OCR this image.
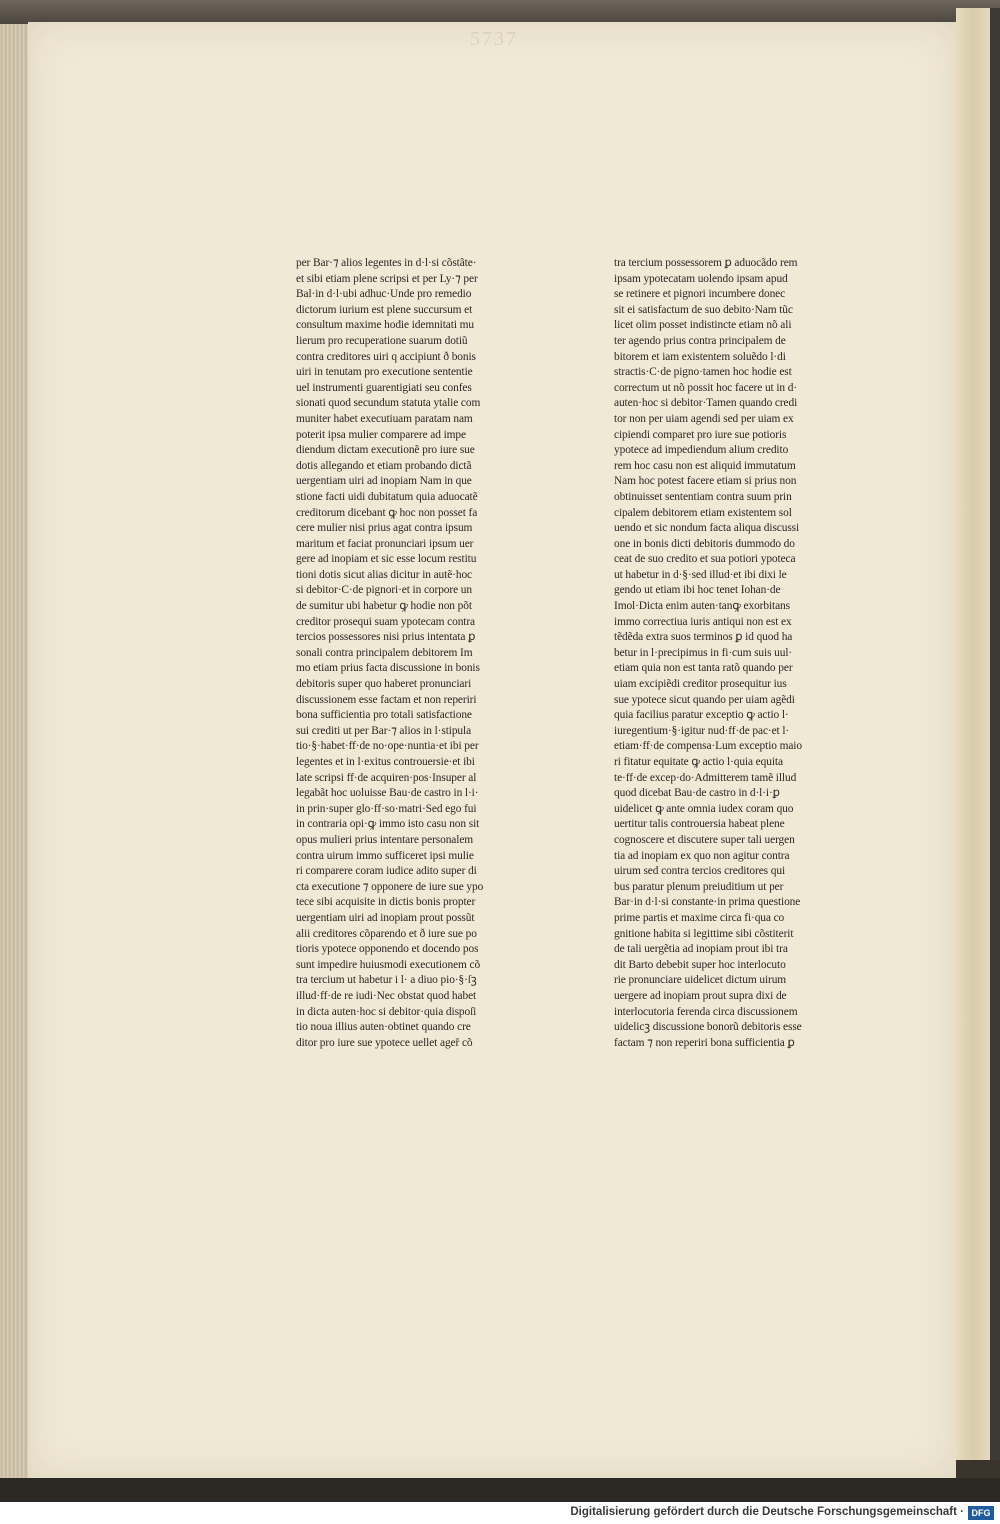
5737
per Bar·⁊ alios legentes in d·l·si cõstãte·
et sibi etiam plene scripsi et per Ly·⁊ per
Bal·in d·l·ubi adhuc·Unde pro remedio
dictorum iurium est plene succursum et
consultum maxime hodie idemnitati mu
lierum pro recuperatione suarum dotiũ
contra creditores uiri q accipiunt ð bonis
uiri in tenutam pro executione sententie
uel instrumenti guarentigiati seu confes
sionati quod secundum statuta ytalie com
muniter habet executiuam paratam nam
poterit ipsa mulier comparere ad impe
diendum dictam executionẽ pro iure sue
dotis allegando et etiam probando dictã
uergentiam uiri ad inopiam Nam in que
stione facti uidi dubitatum quia aduocatẽ
creditorum dicebant ꝙ hoc non posset fa
cere mulier nisi prius agat contra ipsum
maritum et faciat pronunciari ipsum uer
gere ad inopiam et sic esse locum restitu
tioni dotis sicut alias dicitur in autẽ·hoc
si debitor·C·de pignori·et in corpore un
de sumitur ubi habetur ꝙ hodie non põt
creditor prosequi suam ypotecam contra
tercios possessores nisi prius intentata ꝑ
sonali contra principalem debitorem Im
mo etiam prius facta discussione in bonis
debitoris super quo haberet pronunciari
discussionem esse factam et non reperiri
bona sufficientia pro totali satisfactione
sui crediti ut per Bar·⁊ alios in l·stipula
tio·§·habet·ff·de no·ope·nuntia·et ibi per
legentes et in l·exitus controuersie·et ibi
late scripsi ff·de acquiren·pos·Insuper al
legabãt hoc uoluisse Bau·de castro in l·i·
in prin·super glo·ff·so·matri·Sed ego fui
in contraria opi·ꝙ immo isto casu non sit
opus mulieri prius intentare personalem
contra uirum immo sufficeret ipsi mulie
ri comparere coram iudice adito super di
cta executione ⁊ opponere de iure sue ypo
tece sibi acquisite in dictis bonis propter
uergentiam uiri ad inopiam prout possũt
alii creditores cõparendo et ð iure sue po
tioris ypotece opponendo et docendo pos
sunt impedire huiusmodi executionem cõ
tra tercium ut habetur i l· a diuo pio·§·ſꝫ
illud·ff·de re iudi·Nec obstat quod habet
in dicta auten·hoc si debitor·quia dispoſi
tio noua illius auten·obtinet quando cre
ditor pro iure sue ypotece uellet ageř cõ
tra tercium possessorem ꝑ aduocãdo rem
ipsam ypotecatam uolendo ipsam apud
se retinere et pignori incumbere donec
sit ei satisfactum de suo debito·Nam tũc
licet olim posset indistincte etiam nõ ali
ter agendo prius contra principalem de
bitorem et iam existentem soluẽdo l·di
stractis·C·de pigno·tamen hoc hodie est
correctum ut nõ possit hoc facere ut in d·
auten·hoc si debitor·Tamen quando credi
tor non per uiam agendi sed per uiam ex
cipiendi comparet pro iure sue potioris
ypotece ad impediendum alium credito
rem hoc casu non est aliquid immutatum
Nam hoc potest facere etiam si prius non
obtinuisset sententiam contra suum prin
cipalem debitorem etiam existentem sol
uendo et sic nondum facta aliqua discussi
one in bonis dicti debitoris dummodo do
ceat de suo credito et sua potiori ypoteca
ut habetur in d·§·sed illud·et ibi dixi le
gendo ut etiam ibi hoc tenet Iohan·de
Imol·Dicta enim auten·tanꝙ exorbitans
immo correctiua iuris antiqui non est ex
tẽdẽda extra suos terminos ꝑ id quod ha
betur in l·precipimus in fi·cum suis uul·
etiam quia non est tanta ratõ quando per
uiam excipiẽdi creditor prosequitur ius
sue ypotece sicut quando per uiam agẽdi
quia facilius paratur exceptio ꝙ actio l·
iuregentium·§·igitur nud·ff·de pac·et l·
etiam·ff·de compensa·Lum exceptio maio
ri fitatur equitate ꝙ actio l·quia equita
te·ff·de excep·do·Admitterem tamẽ illud
quod dicebat Bau·de castro in d·l·i·ꝑ
uidelicet ꝙ ante omnia iudex coram quo
uertitur talis controuersia habeat plene
cognoscere et discutere super tali uergen
tia ad inopiam ex quo non agitur contra
uirum sed contra tercios creditores qui
bus paratur plenum preiuditium ut per
Bar·in d·l·si constante·in prima questione
prime partis et maxime circa fi·qua co
gnitione habita si legittime sibi cõstiterit
de tali uergẽtia ad inopiam prout ibi tra
dit Barto debebit super hoc interlocuto
rie pronunciare uidelicet dictum uirum
uergere ad inopiam prout supra dixi de
interlocutoria ferenda circa discussionem
uidelicꝫ discussione bonorũ debitoris esse
factam ⁊ non reperiri bona sufficientia ꝑ
Digitalisierung gefördert durch die Deutsche Forschungsgemeinschaft · DFG
